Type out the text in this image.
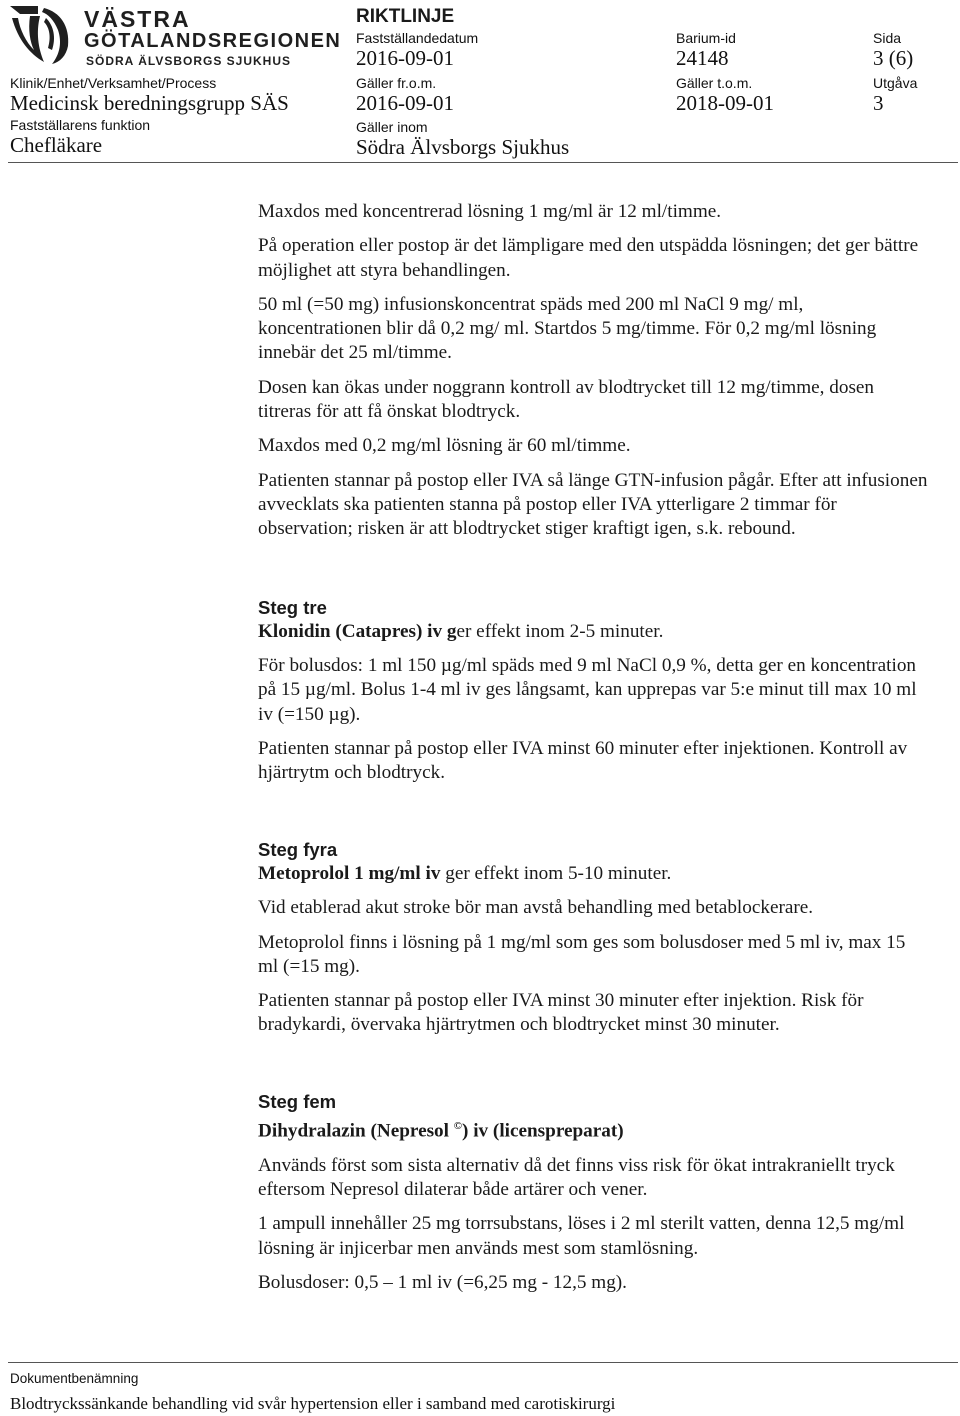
VÄSTRA
GÖTALANDSREGIONEN
SÖDRA ÄLVSBORGS SJUKHUS
RIKTLINJE
Fastställandedatum
2016-09-01
Barium-id
24148
Sida
3 (6)
Klinik/Enhet/Verksamhet/Process
Medicinsk beredningsgrupp SÄS
Gäller fr.o.m.
2016-09-01
Gäller t.o.m.
2018-09-01
Utgåva
3
Fastställarens funktion
Chefläkare
Gäller inom
Södra Älvsborgs Sjukhus

Maxdos med koncentrerad lösning 1 mg/ml är 12 ml/timme.

På operation eller postop är det lämpligare med den utspädda lösningen; det ger bättre möjlighet att styra behandlingen.

50 ml (=50 mg) infusionskoncentrat späds med 200 ml NaCl 9 mg/ ml, koncentrationen blir då 0,2 mg/ ml. Startdos 5 mg/timme. För 0,2 mg/ml lösning innebär det 25 ml/timme.

Dosen kan ökas under noggrann kontroll av blodtrycket till 12 mg/timme, dosen titreras för att få önskat blodtryck.

Maxdos med 0,2 mg/ml lösning är 60 ml/timme.

Patienten stannar på postop eller IVA så länge GTN-infusion pågår. Efter att infusionen avvecklats ska patienten stanna på postop eller IVA ytterligare 2 timmar för observation; risken är att blodtrycket stiger kraftigt igen, s.k. rebound.

Steg tre

Klonidin (Catapres) iv ger effekt inom 2-5 minuter.

För bolusdos: 1 ml 150 µg/ml späds med 9 ml NaCl 0,9 %, detta ger en koncentration på 15 µg/ml. Bolus 1-4 ml iv ges långsamt, kan upprepas var 5:e minut till max 10 ml iv (=150 µg).

Patienten stannar på postop eller IVA minst 60 minuter efter injektionen. Kontroll av hjärtrytm och blodtryck.

Steg fyra

Metoprolol 1 mg/ml iv ger effekt inom 5-10 minuter.

Vid etablerad akut stroke bör man avstå behandling med betablockerare.

Metoprolol finns i lösning på 1 mg/ml som ges som bolusdoser med 5 ml iv, max 15 ml (=15 mg).

Patienten stannar på postop eller IVA minst 30 minuter efter injektion. Risk för bradykardi, övervaka hjärtrytmen och blodtrycket minst 30 minuter.

Steg fem

Dihydralazin (Nepresol ©) iv (licenspreparat)

Används först som sista alternativ då det finns viss risk för ökat intrakraniellt tryck eftersom Nepresol dilaterar både artärer och vener.

1 ampull innehåller 25 mg torrsubstans, löses i 2 ml sterilt vatten, denna 12,5 mg/ml lösning är injicerbar men används mest som stamlösning.

Bolusdoser: 0,5 – 1 ml iv (=6,25 mg - 12,5 mg).

Dokumentbenämning
Blodtryckssänkande behandling vid svår hypertension eller i samband med carotiskirurgi
